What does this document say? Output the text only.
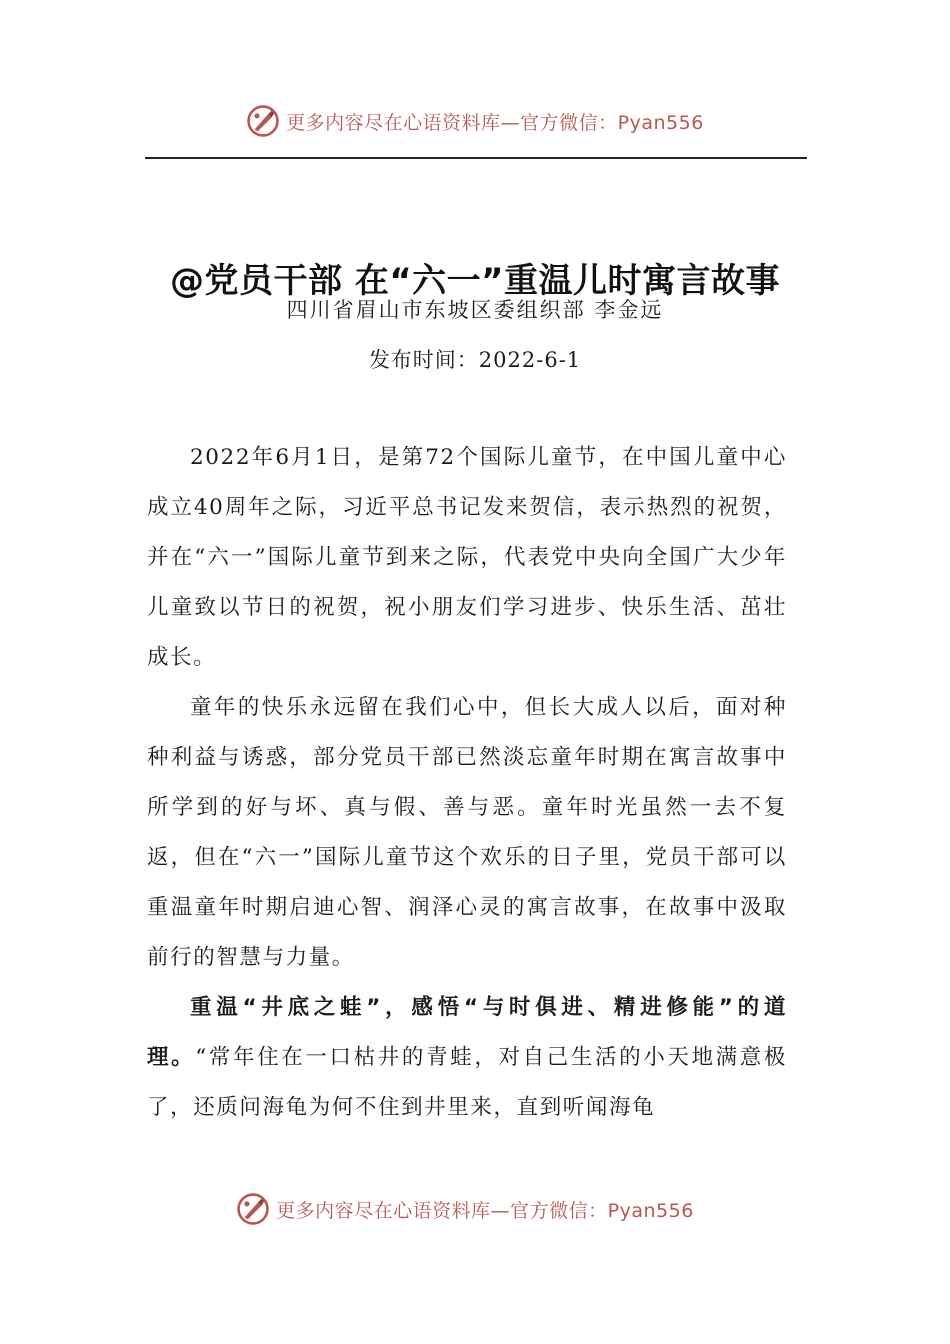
更多内容尽在心语资料库—官方微信：Pyan556
@党员干部 在“六一”重温儿时寓言故事
四川省眉山市东坡区委组织部 李金远
发布时间：2022-6-1

2022年6月1日，是第72个国际儿童节，在中国儿童中心成立40周年之际，习近平总书记发来贺信，表示热烈的祝贺，并在“六一”国际儿童节到来之际，代表党中央向全国广大少年儿童致以节日的祝贺，祝小朋友们学习进步、快乐生活、茁壮成长。

童年的快乐永远留在我们心中，但长大成人以后，面对种种利益与诱惑，部分党员干部已然淡忘童年时期在寓言故事中所学到的好与坏、真与假、善与恶。童年时光虽然一去不复返，但在“六一”国际儿童节这个欢乐的日子里，党员干部可以重温童年时期启迪心智、润泽心灵的寓言故事，在故事中汲取前行的智慧与力量。

重温“井底之蛙”，感悟“与时俱进、精进修能”的道理。“常年住在一口枯井的青蛙，对自己生活的小天地满意极了，还质问海龟为何不住到井里来，直到听闻海龟

更多内容尽在心语资料库—官方微信：Pyan556
